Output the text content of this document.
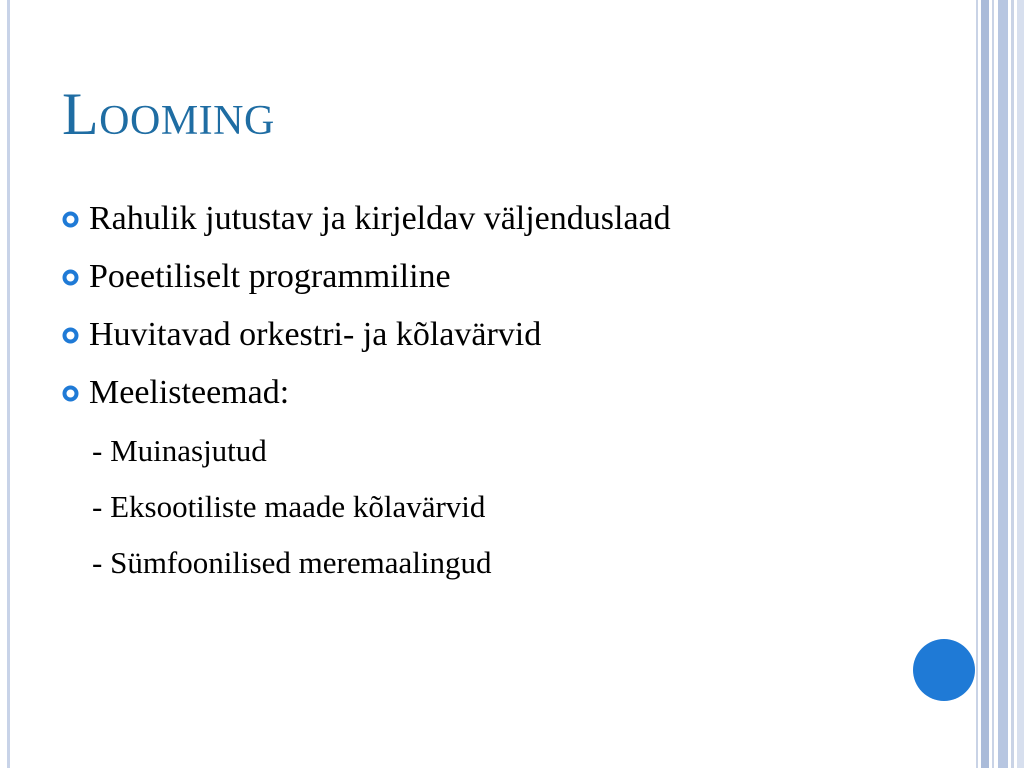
Looming
Rahulik jutustav ja kirjeldav väljenduslaad
Poeetiliselt programmiline
Huvitavad orkestri- ja kõlavärvid
Meelisteemad:
- Muinasjutud
- Eksootiliste maade kõlavärvid
- Sümfoonilised meremaalingud
